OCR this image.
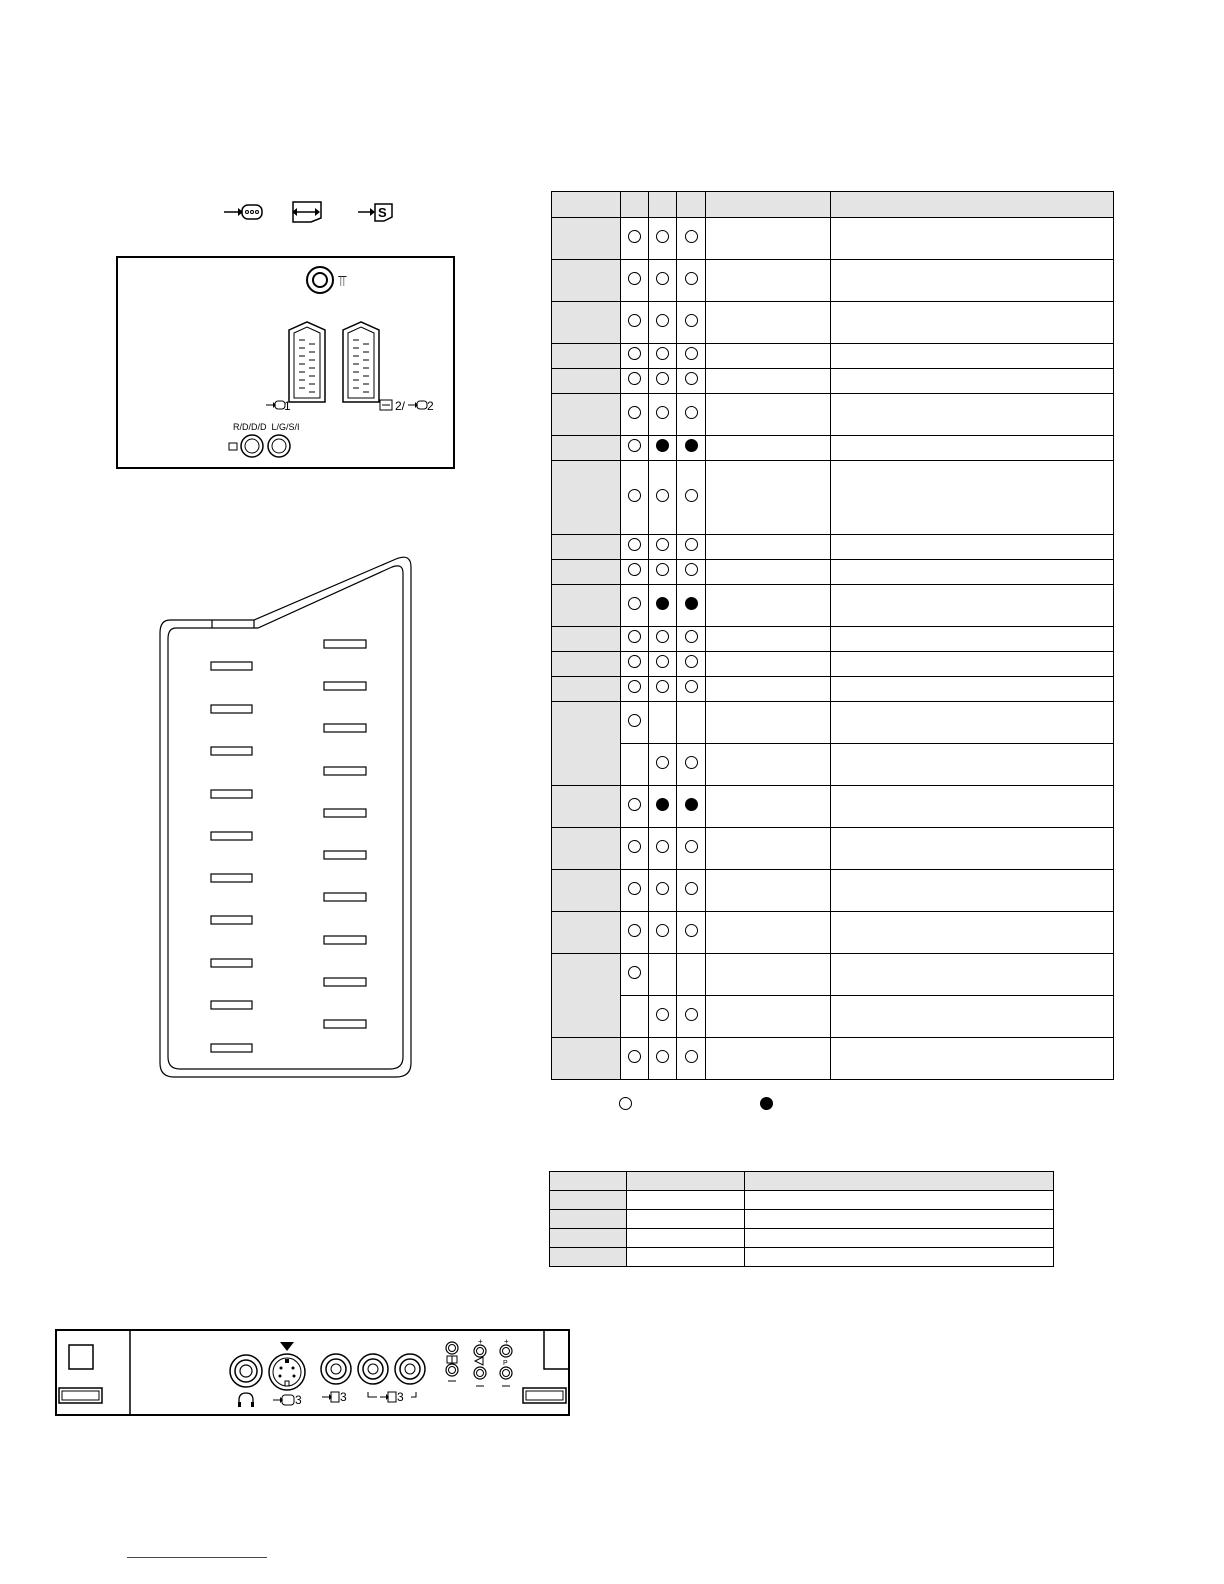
S
⫪
1	2/ 2
R/D/D/D  L/G/S/I

3	3	3
+	+
P
